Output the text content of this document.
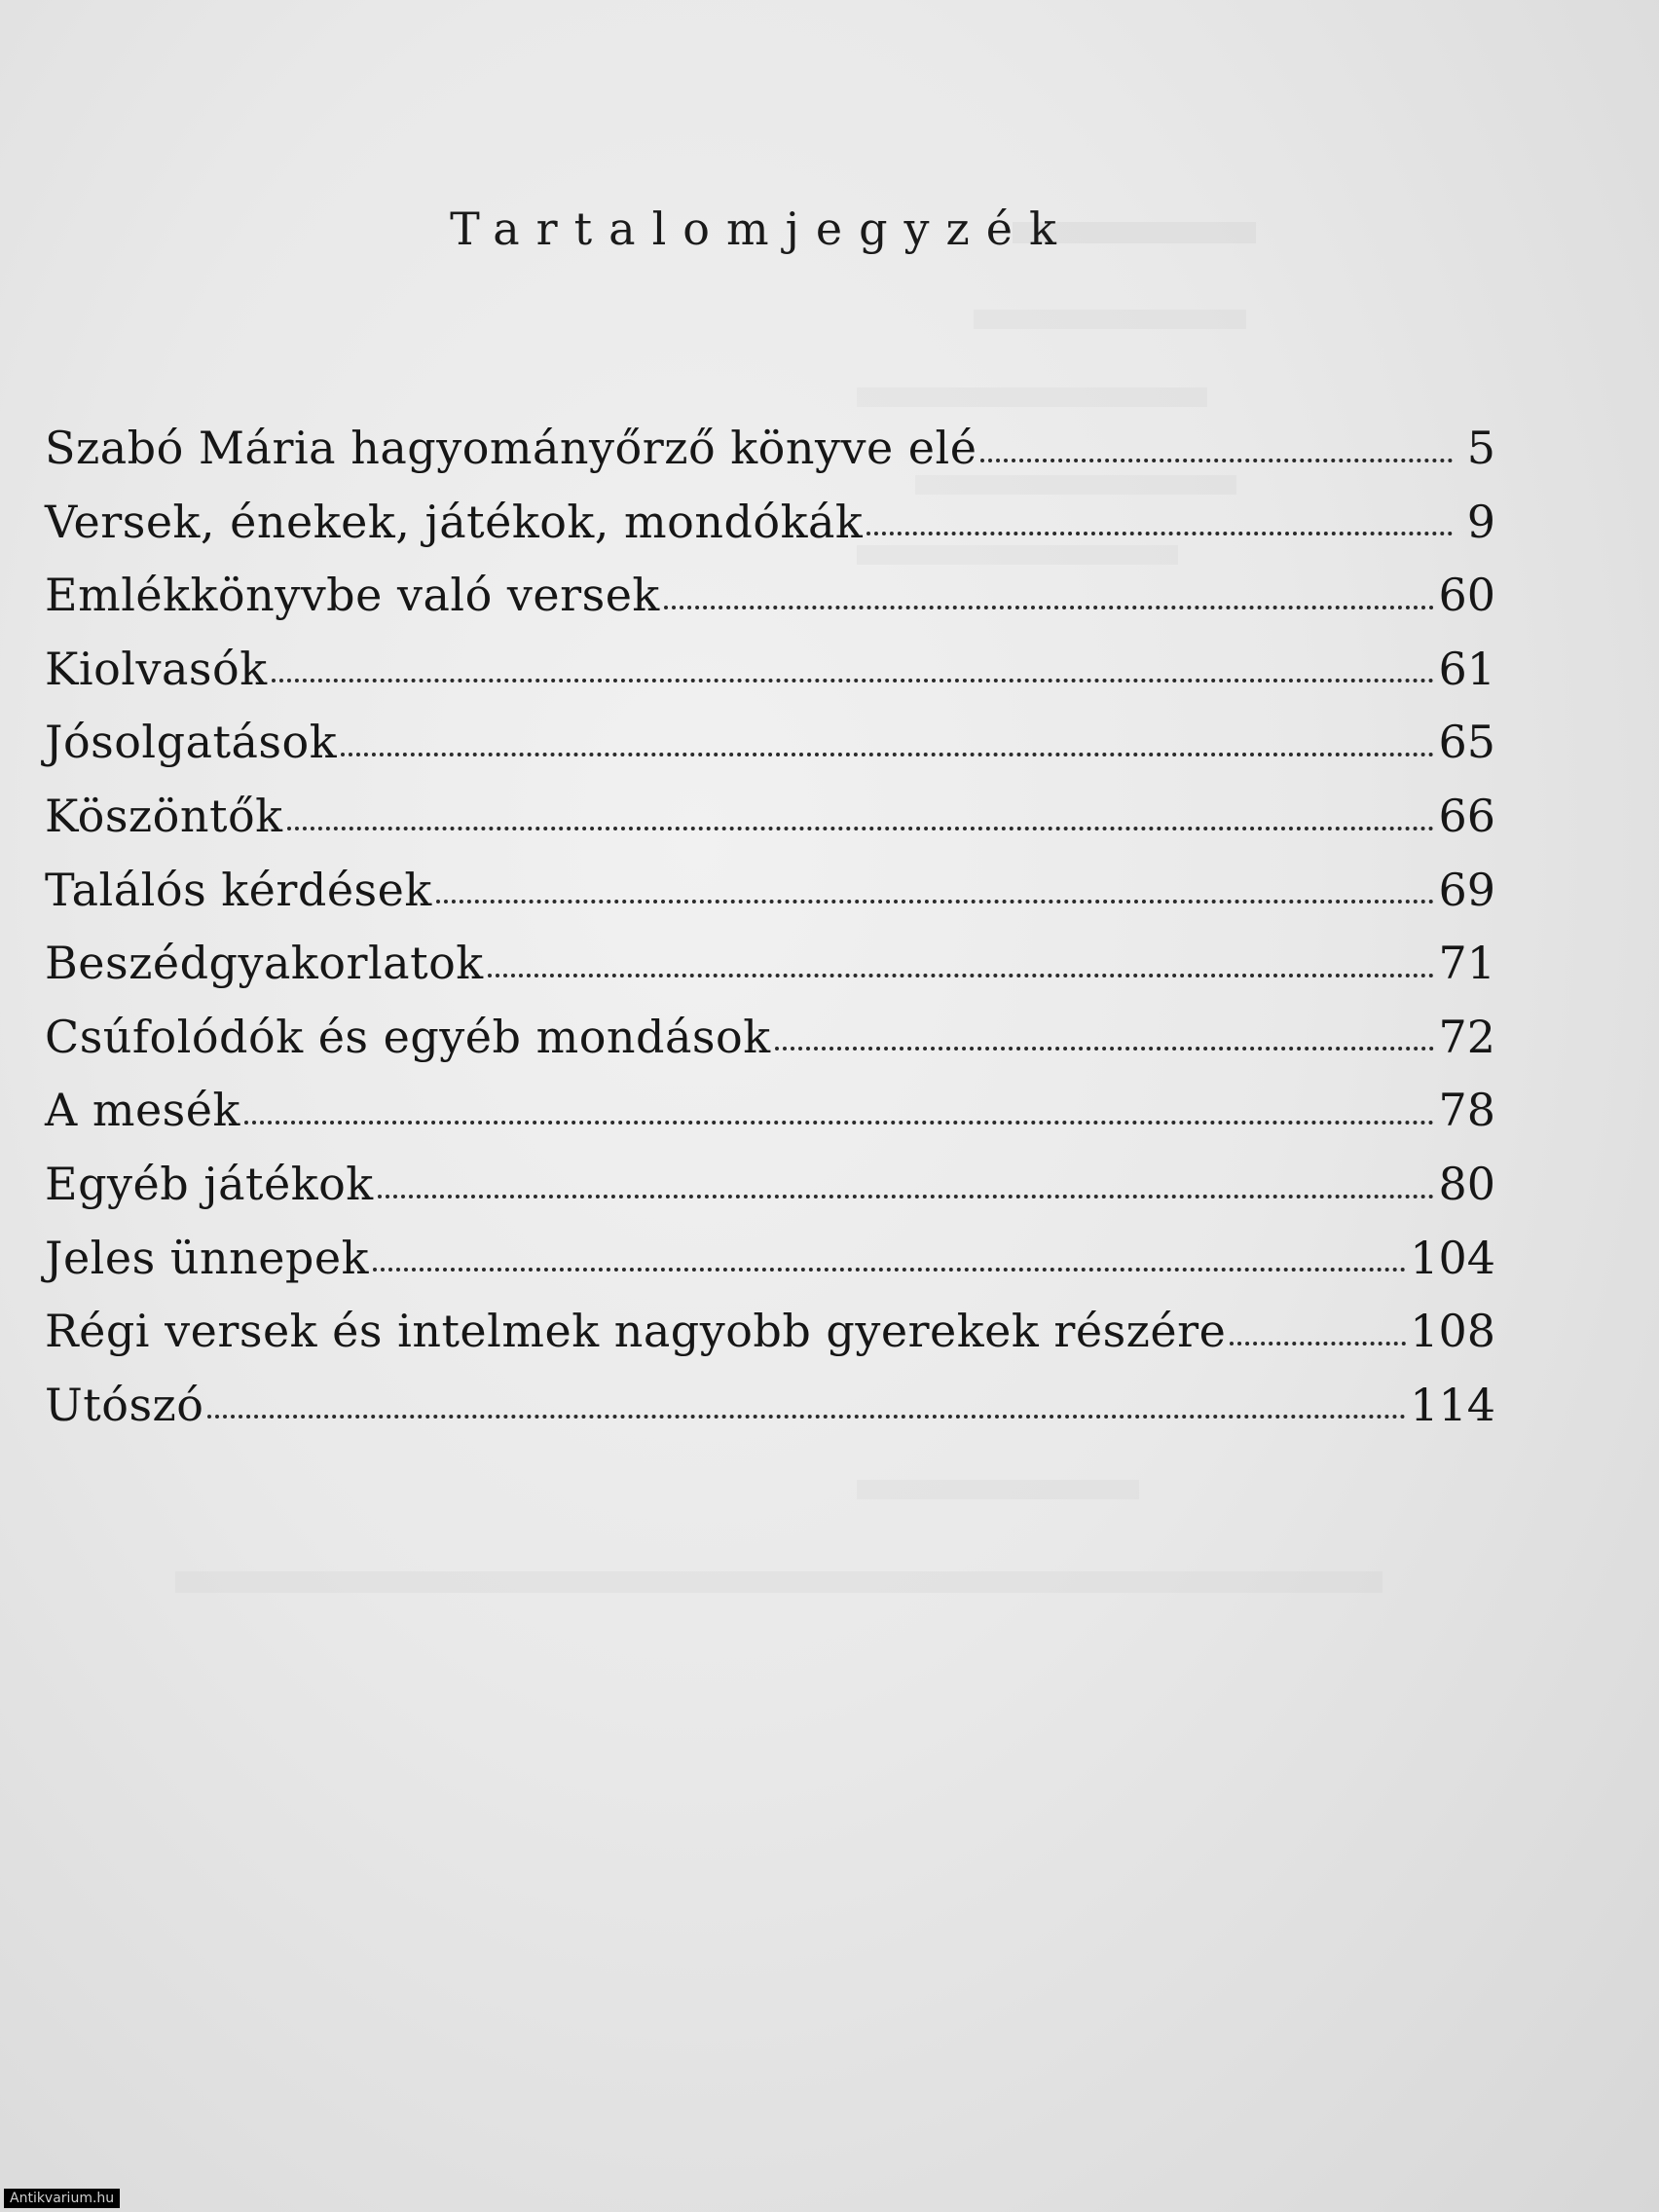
Tartalomjegyzék
Szabó Mária hagyományőrző könyve elé	5
Versek, énekek, játékok, mondókák	9
Emlékkönyvbe való versek	60
Kiolvasók	61
Jósolgatások	65
Köszöntők	66
Találós kérdések	69
Beszédgyakorlatok	71
Csúfolódók és egyéb mondások	72
A mesék	78
Egyéb játékok	80
Jeles ünnepek	104
Régi versek és intelmek nagyobb gyerekek részére	108
Utószó	114
Antikvarium.hu
